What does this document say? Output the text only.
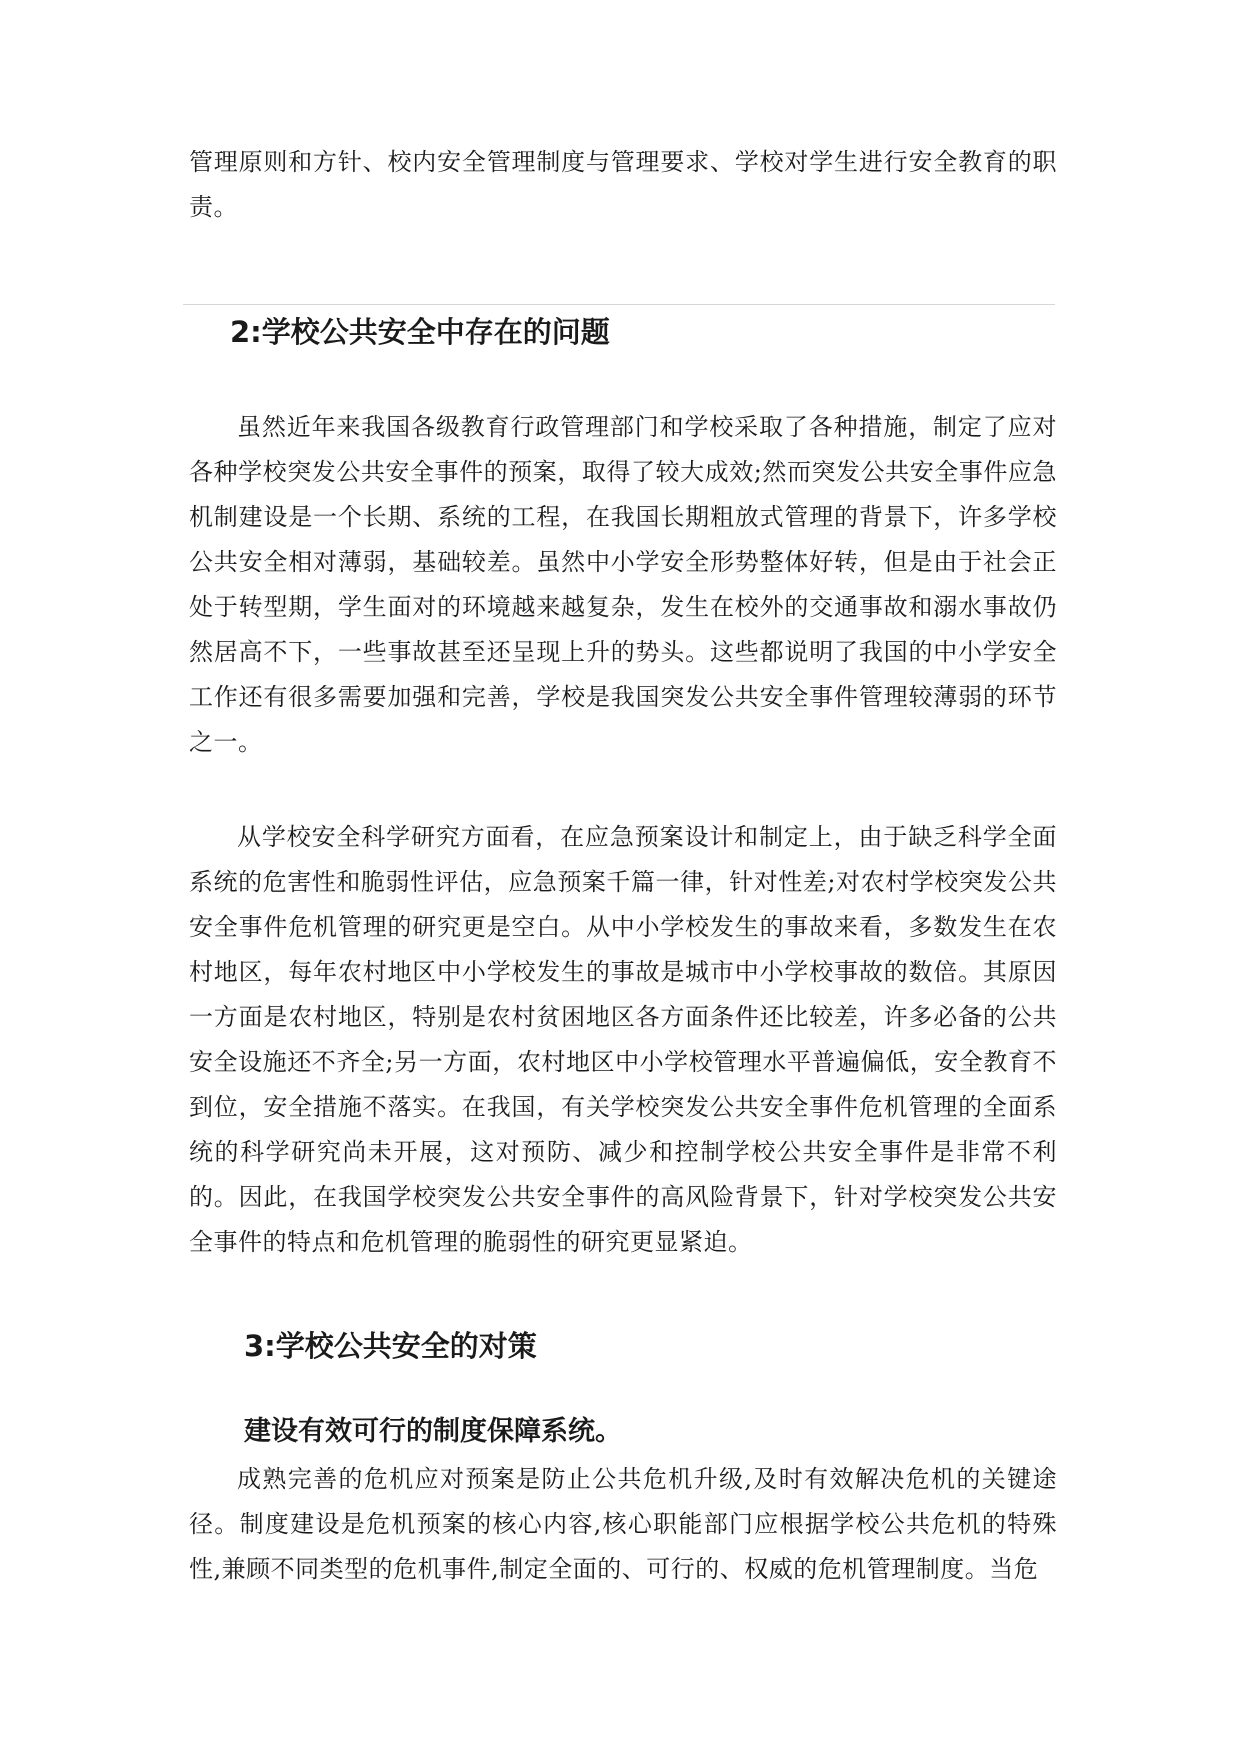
管理原则和方针、校内安全管理制度与管理要求、学校对学生进行安全教育的职责。

2:学校公共安全中存在的问题

虽然近年来我国各级教育行政管理部门和学校采取了各种措施，制定了应对各种学校突发公共安全事件的预案，取得了较大成效;然而突发公共安全事件应急机制建设是一个长期、系统的工程，在我国长期粗放式管理的背景下，许多学校公共安全相对薄弱，基础较差。虽然中小学安全形势整体好转，但是由于社会正处于转型期，学生面对的环境越来越复杂，发生在校外的交通事故和溺水事故仍然居高不下，一些事故甚至还呈现上升的势头。这些都说明了我国的中小学安全工作还有很多需要加强和完善，学校是我国突发公共安全事件管理较薄弱的环节之一。

从学校安全科学研究方面看，在应急预案设计和制定上，由于缺乏科学全面系统的危害性和脆弱性评估，应急预案千篇一律，针对性差;对农村学校突发公共安全事件危机管理的研究更是空白。从中小学校发生的事故来看，多数发生在农村地区，每年农村地区中小学校发生的事故是城市中小学校事故的数倍。其原因一方面是农村地区，特别是农村贫困地区各方面条件还比较差，许多必备的公共安全设施还不齐全;另一方面，农村地区中小学校管理水平普遍偏低，安全教育不到位，安全措施不落实。在我国，有关学校突发公共安全事件危机管理的全面系统的科学研究尚未开展，这对预防、减少和控制学校公共安全事件是非常不利的。因此，在我国学校突发公共安全事件的高风险背景下，针对学校突发公共安全事件的特点和危机管理的脆弱性的研究更显紧迫。

3:学校公共安全的对策
建设有效可行的制度保障系统。

成熟完善的危机应对预案是防止公共危机升级,及时有效解决危机的关键途径。制度建设是危机预案的核心内容,核心职能部门应根据学校公共危机的特殊性,兼顾不同类型的危机事件,制定全面的、可行的、权威的危机管理制度。当危
